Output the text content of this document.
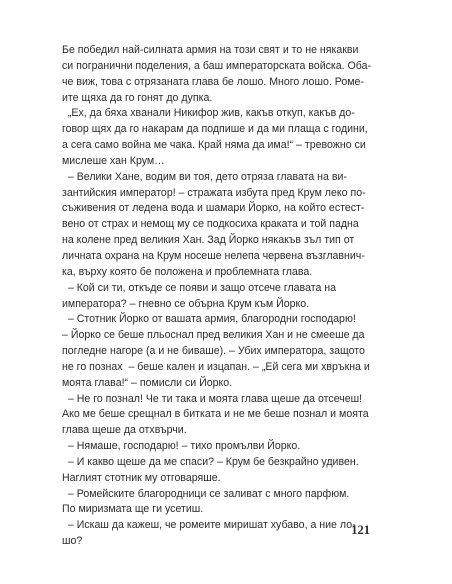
Бе победил най-силната армия на този свят и то не някакви
си погранични поделения, а баш императорската войска. Оба-
че виж, това с отрязаната глава бе лошо. Много лошо. Роме-
ите щяха да го гонят до дупка.
„Ех, да бяха хванали Никифор жив, какъв откуп, какъв до-
говор щях да го накарам да подпише и да ми плаща с години,
а сега само война ме чака. Край няма да има!“ – тревожно си
мислеше хан Крум…
– Велики Хане, водим ви тоя, дето отряза главата на ви-
зантийския император! – стражата избута пред Крум леко по-
съживения от ледена вода и шамари Йорко, на който естест-
вено от страх и немощ му се подкосиха краката и той падна
на колене пред великия Хан. Зад Йорко някакъв зъл тип от
личната охрана на Крум носеше нелепа червена възглавнич-
ка, върху която бе положена и проблемната глава.
– Кой си ти, откъде се появи и защо отсече главата на
императора? – гневно се обърна Крум към Йорко.
– Стотник Йорко от вашата армия, благородни господарю!
– Йорко се беше пльоснал пред великия Хан и не смееше да
погледне нагоре (а и не биваше). – Убих императора, защото
не го познах  – беше кален и изцапан. – „Ей сега ми хвръкна и
моята глава!“ – помисли си Йорко.
– Не го познал! Че ти така и моята глава щеше да отсечеш!
Ако ме беше срещнал в битката и не ме беше познал и моята
глава щеше да отхвърчи.
– Нямаше, господарю! – тихо промълви Йорко.
– И какво щеше да ме спаси? – Крум бе безкрайно удивен.
Наглият стотник му отговаряше.
– Ромейските благородници се заливат с много парфюм.
По миризмата ще ги усетиш.
– Искаш да кажеш, че ромеите миришат хубаво, а ние ло-
шо?
121
